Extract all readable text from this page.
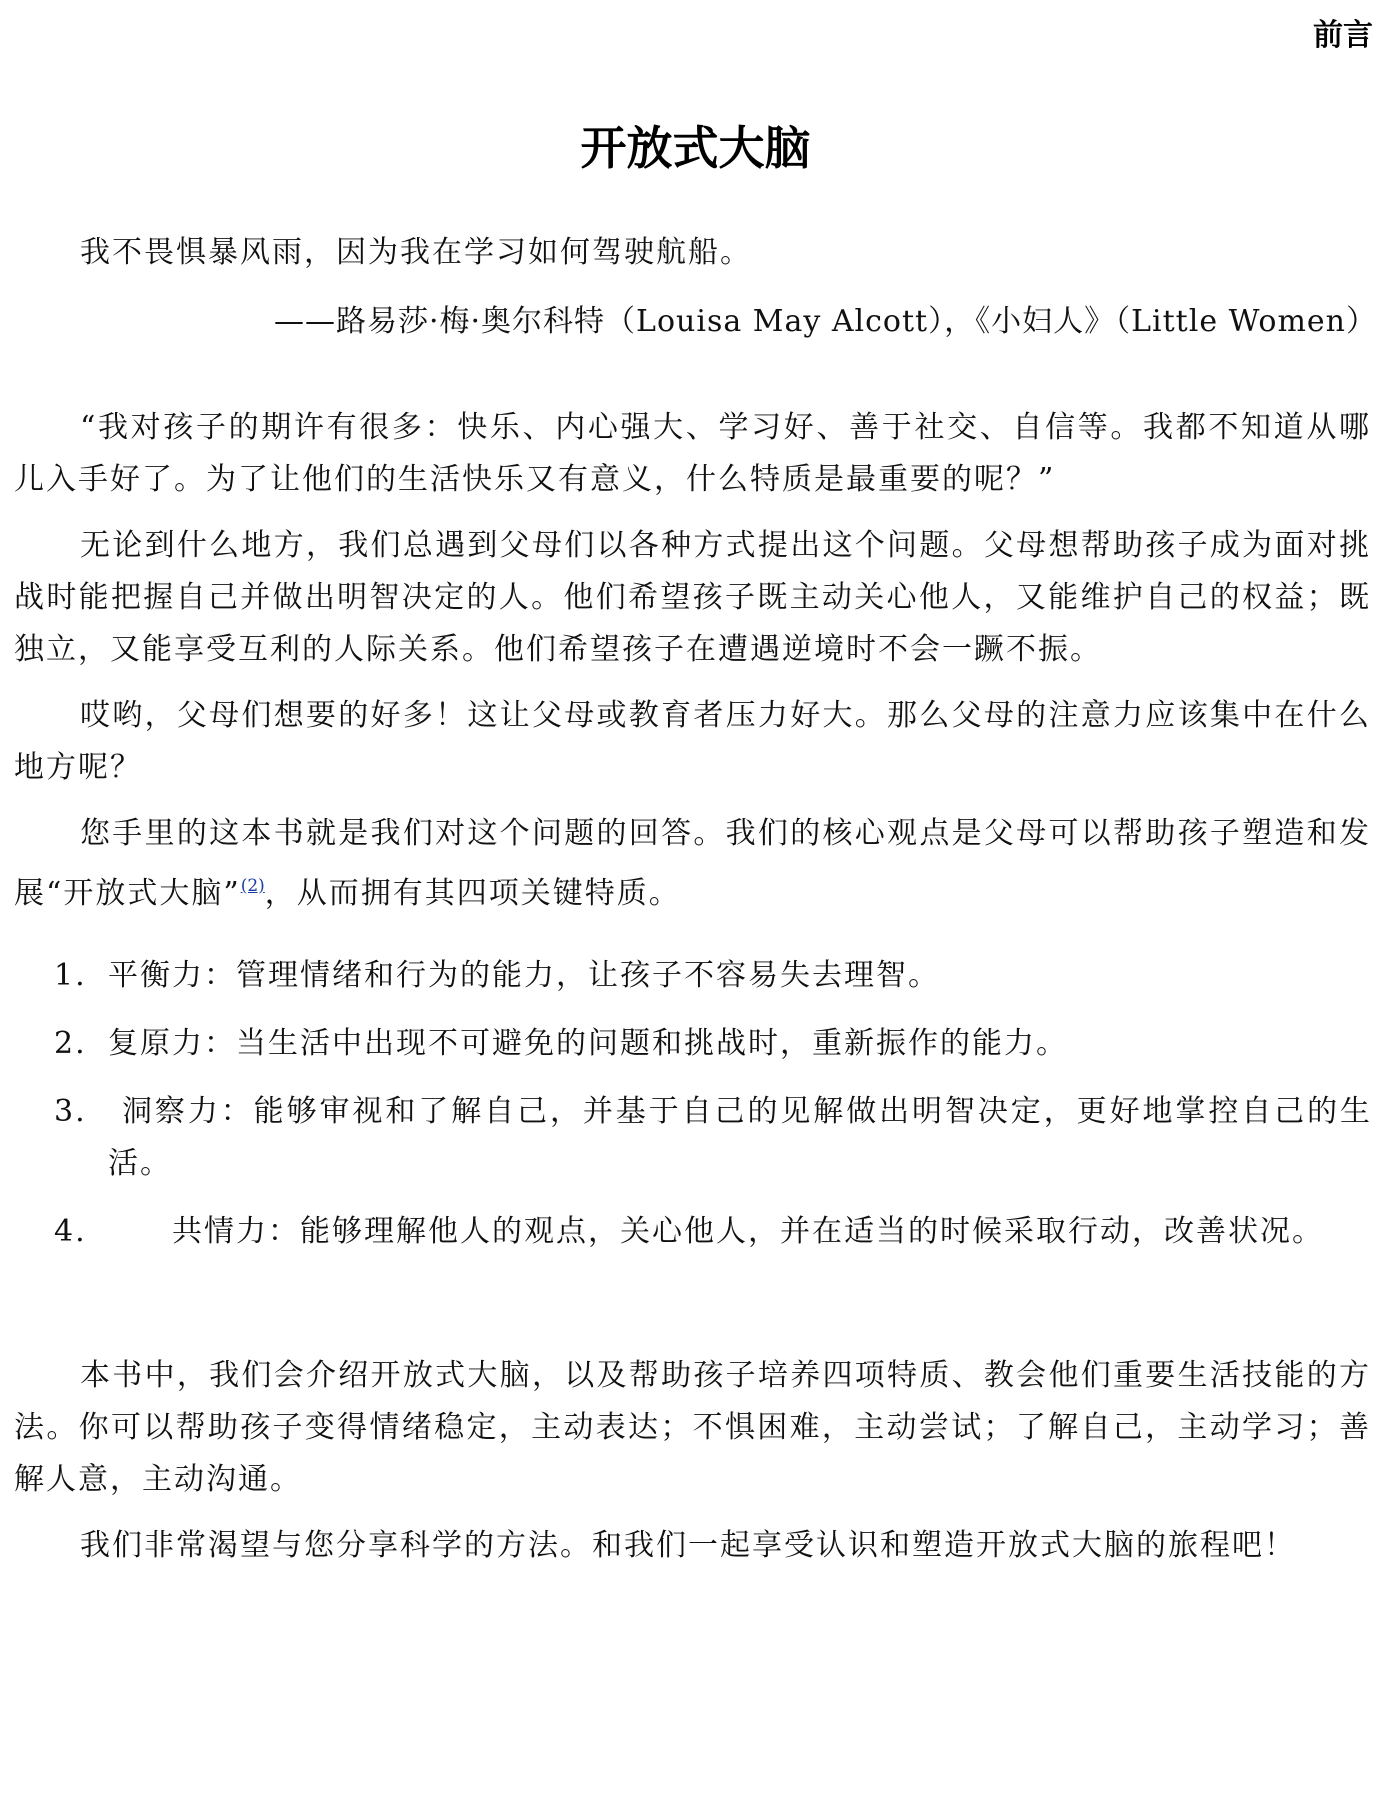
前言
开放式大脑
我不畏惧暴风雨，因为我在学习如何驾驶航船。
——路易莎·梅·奥尔科特（Louisa May Alcott），《小妇人》（Little Women）

“我对孩子的期许有很多：快乐、内心强大、学习好、善于社交、自信等。我都不知道从哪儿入手好了。为了让他们的生活快乐又有意义，什么特质是最重要的呢？”

无论到什么地方，我们总遇到父母们以各种方式提出这个问题。父母想帮助孩子成为面对挑战时能把握自己并做出明智决定的人。他们希望孩子既主动关心他人，又能维护自己的权益；既独立，又能享受互利的人际关系。他们希望孩子在遭遇逆境时不会一蹶不振。

哎哟，父母们想要的好多！这让父母或教育者压力好大。那么父母的注意力应该集中在什么地方呢？

您手里的这本书就是我们对这个问题的回答。我们的核心观点是父母可以帮助孩子塑造和发展“开放式大脑”$^{(2)}$，从而拥有其四项关键特质。

1. 平衡力：管理情绪和行为的能力，让孩子不容易失去理智。
2. 复原力：当生活中出现不可避免的问题和挑战时，重新振作的能力。
3. 洞察力：能够审视和了解自己，并基于自己的见解做出明智决定，更好地掌控自己的生活。
4.	共情力：能够理解他人的观点，关心他人，并在适当的时候采取行动，改善状况。

本书中，我们会介绍开放式大脑，以及帮助孩子培养四项特质、教会他们重要生活技能的方法。你可以帮助孩子变得情绪稳定，主动表达；不惧困难，主动尝试；了解自己，主动学习；善解人意，主动沟通。

我们非常渴望与您分享科学的方法。和我们一起享受认识和塑造开放式大脑的旅程吧！
